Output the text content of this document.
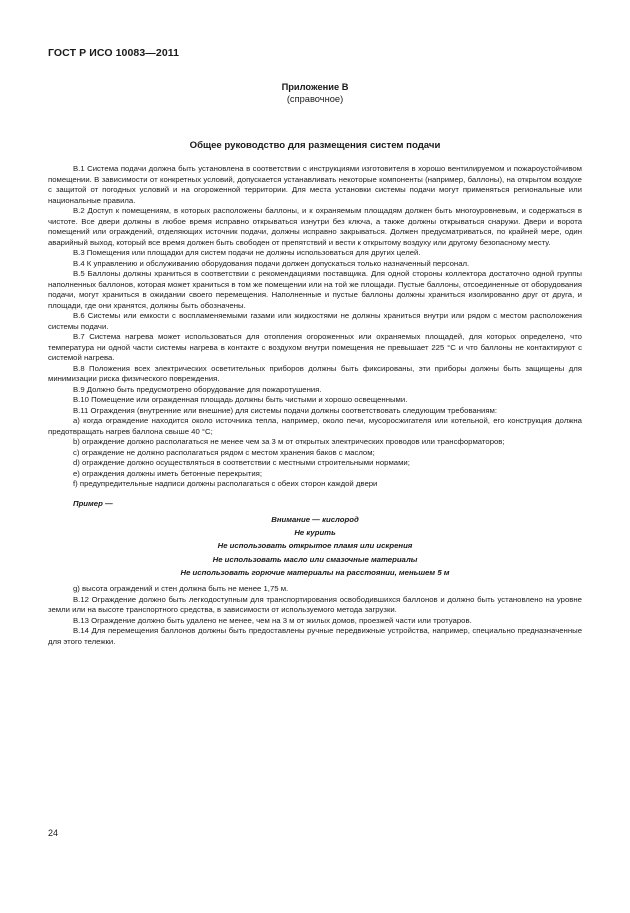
ГОСТ Р ИСО 10083—2011
Приложение В
(справочное)
Общее руководство для размещения систем подачи

В.1 Система подачи должна быть установлена в соответствии с инструкциями изготовителя в хорошо вентилируемом и пожароустойчивом помещении. В зависимости от конкретных условий, допускается устанавливать некоторые компоненты (например, баллоны), на открытом воздухе с защитой от погодных условий и на огороженной территории. Для места установки системы подачи могут применяться региональные или национальные правила.

В.2 Доступ к помещениям, в которых расположены баллоны, и к охраняемым площадям должен быть многоуровневым, и содержаться в чистоте. Все двери должны в любое время исправно открываться изнутри без ключа, а также должны открываться снаружи. Двери и ворота помещений или ограждений, отделяющих источник подачи, должны исправно закрываться. Должен предусматриваться, по крайней мере, один аварийный выход, который все время должен быть свободен от препятствий и вести к открытому воздуху или другому безопасному месту.

В.3 Помещения или площадки для систем подачи не должны использоваться для других целей.

В.4 К управлению и обслуживанию оборудования подачи должен допускаться только назначенный персонал.

В.5 Баллоны должны храниться в соответствии с рекомендациями поставщика. Для одной стороны коллектора достаточно одной группы наполненных баллонов, которая может храниться в том же помещении или на той же площади. Пустые баллоны, отсоединенные от оборудования подачи, могут храниться в ожидании своего перемещения. Наполненные и пустые баллоны должны храниться изолированно друг от друга, и площади, где они хранятся, должны быть обозначены.

В.6 Системы или емкости с воспламеняемыми газами или жидкостями не должны храниться внутри или рядом с местом расположения системы подачи.

В.7 Система нагрева может использоваться для отопления огороженных или охраняемых площадей, для которых определено, что температура ни одной части системы нагрева в контакте с воздухом внутри помещения не превышает 225 °С и что баллоны не контактируют с системой нагрева.

В.8 Положения всех электрических осветительных приборов должны быть фиксированы, эти приборы должны быть защищены для минимизации риска физического повреждения.

В.9 Должно быть предусмотрено оборудование для пожаротушения.

В.10 Помещение или огражденная площадь должны быть чистыми и хорошо освещенными.

В.11 Ограждения (внутренние или внешние) для системы подачи должны соответствовать следующим требованиям:

а) когда ограждение находится около источника тепла, например, около печи, мусоросжигателя или котельной, его конструкция должна предотвращать нагрев баллона свыше 40 °С;

b) ограждение должно располагаться не менее чем за 3 м от открытых электрических проводов или трансформаторов;

с) ограждение не должно располагаться рядом с местом хранения баков с маслом;

d) ограждение должно осуществляться в соответствии с местными строительными нормами;

е) ограждения должны иметь бетонные перекрытия;

f) предупредительные надписи должны располагаться с обеих сторон каждой двери

Пример —

Внимание — кислород
Не курить
Не использовать открытое пламя или искрения
Не использовать масло или смазочные материалы
Не использовать горючие материалы на расстоянии, меньшем 5 м

g) высота ограждений и стен должна быть не менее 1,75 м.

В.12 Ограждение должно быть легкодоступным для транспортирования освободившихся баллонов и должно быть установлено на уровне земли или на высоте транспортного средства, в зависимости от используемого метода загрузки.

В.13 Ограждение должно быть удалено не менее, чем на 3 м от жилых домов, проезжей части или тротуаров.

В.14 Для перемещения баллонов должны быть предоставлены ручные передвижные устройства, например, специально предназначенные для этого тележки.

24
